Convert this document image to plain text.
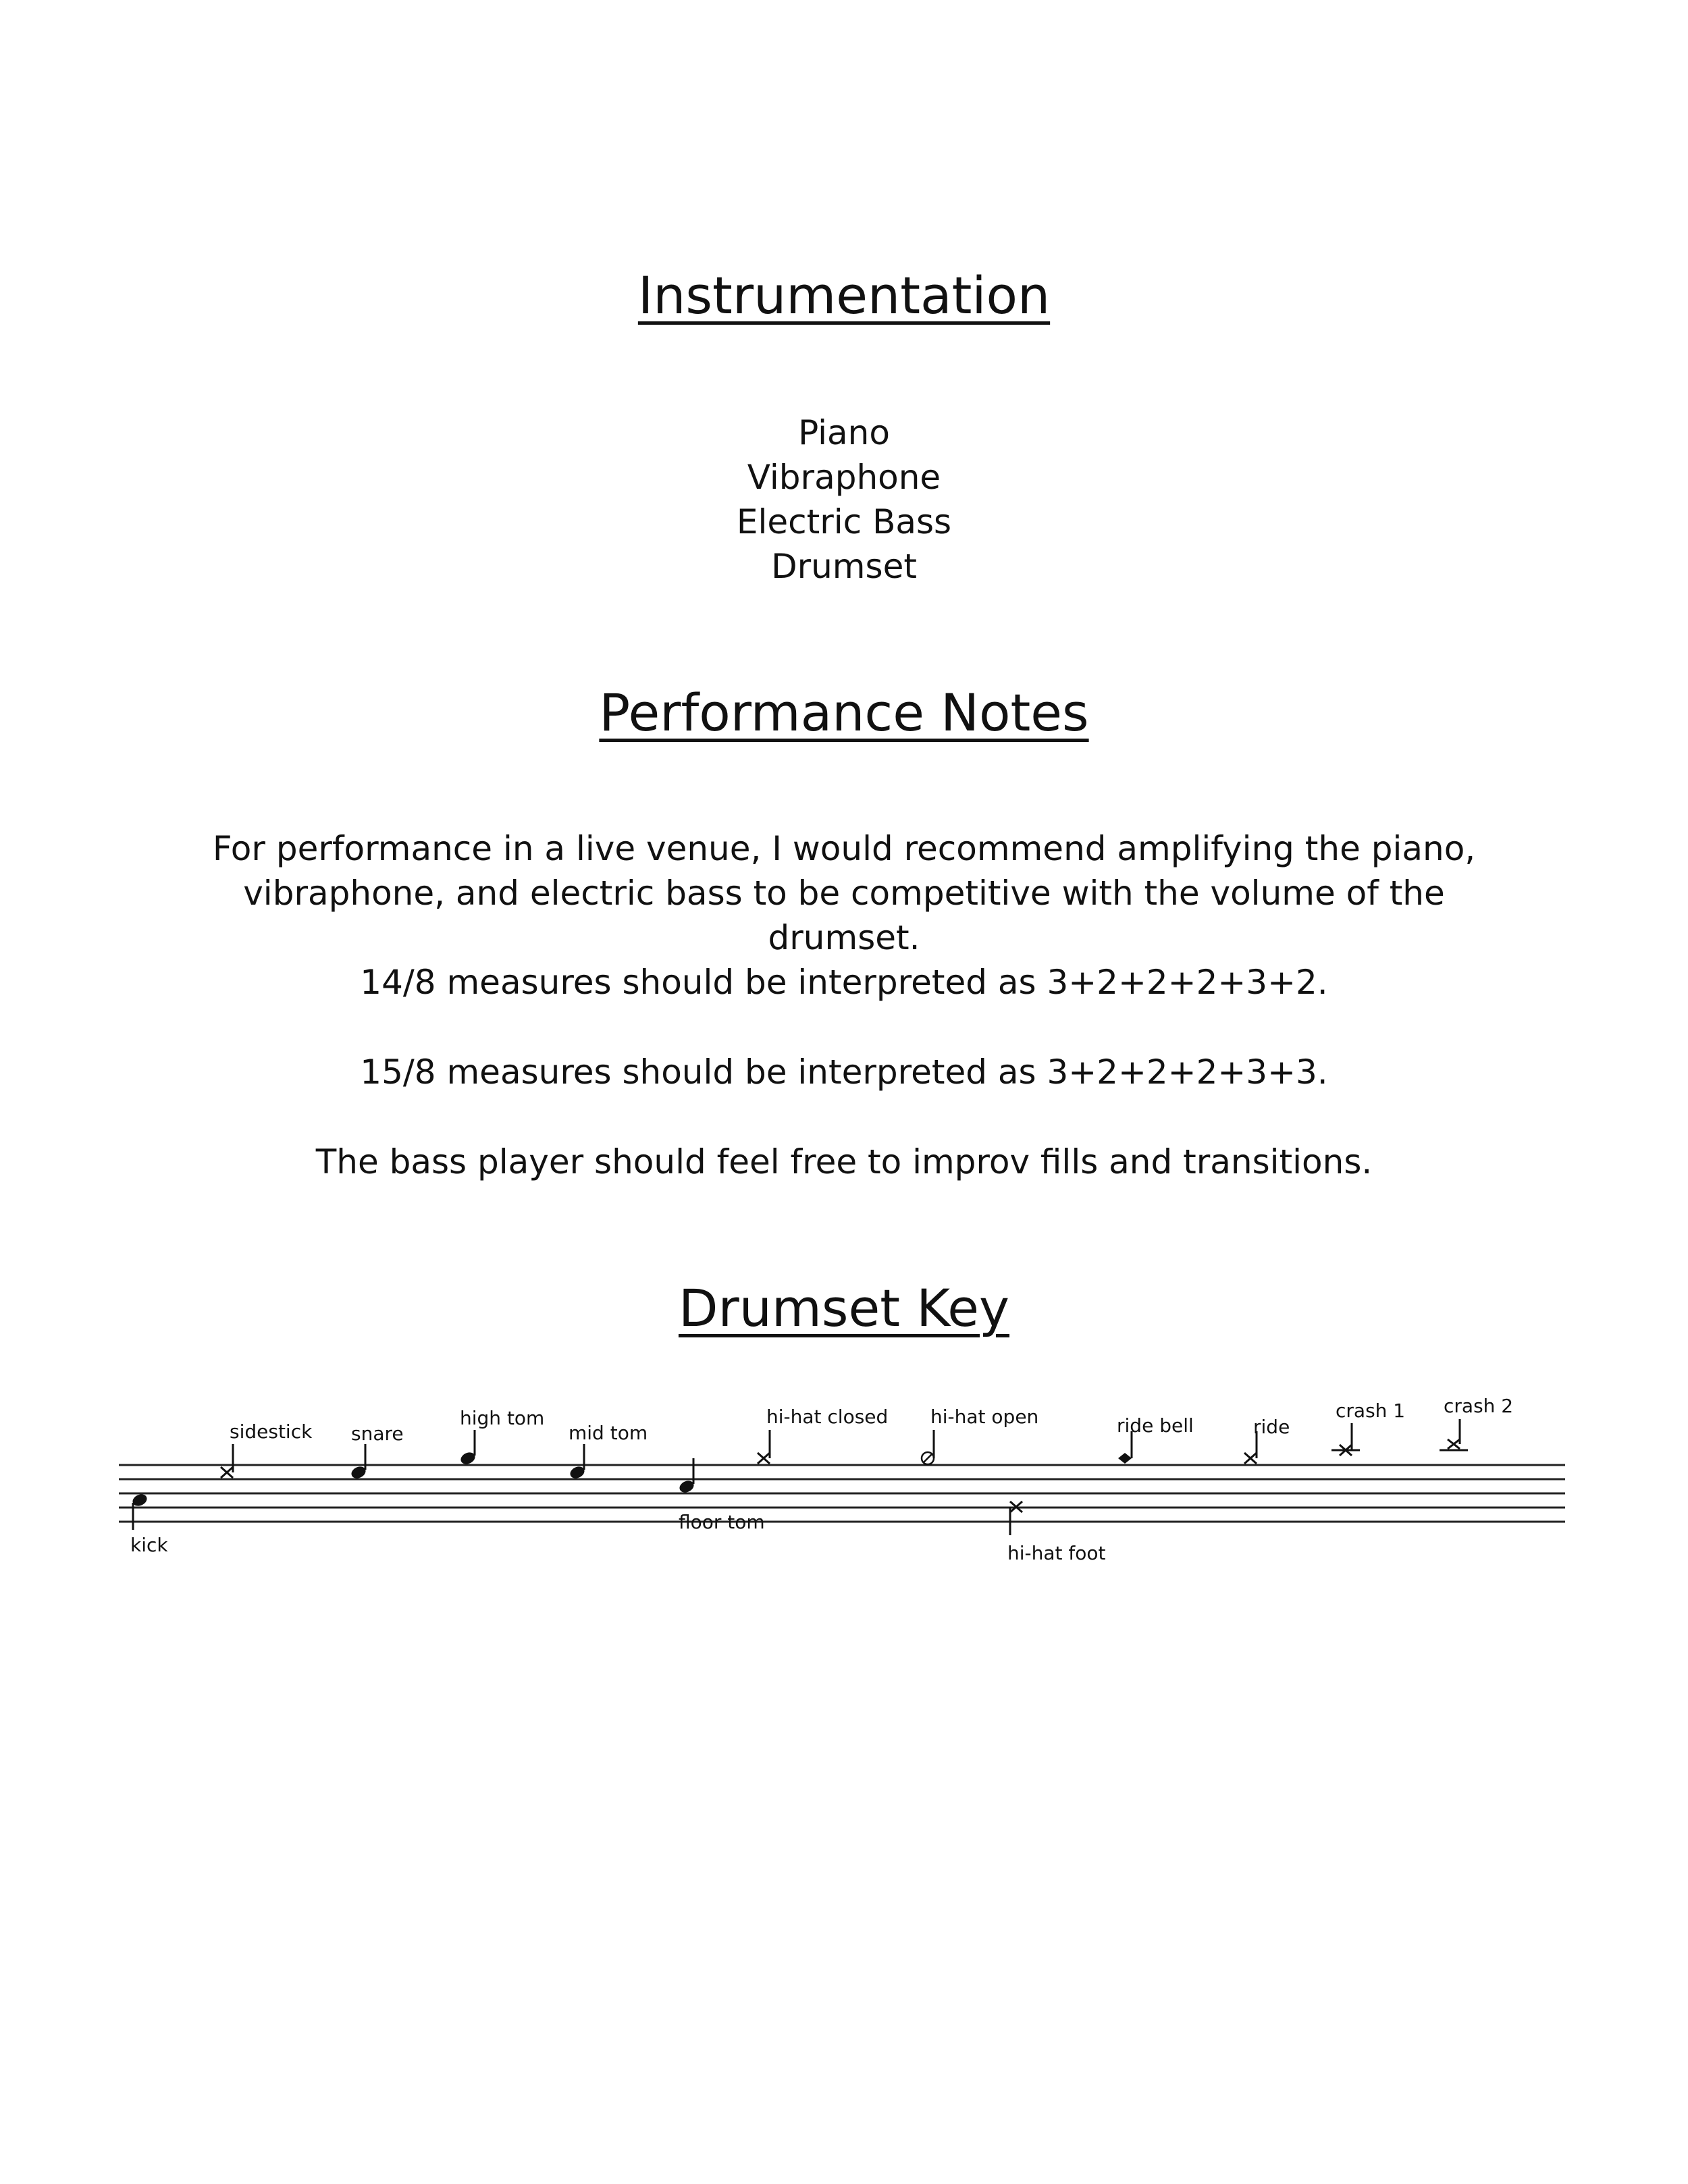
Instrumentation
Piano
Vibraphone
Electric Bass
Drumset
Performance Notes

For performance in a live venue, I would recommend amplifying the piano, vibraphone, and electric bass to be competitive with the volume of the drumset.

14/8 measures should be interpreted as 3+2+2+2+3+2.

15/8 measures should be interpreted as 3+2+2+2+3+3.

The bass player should feel free to improv fills and transitions.

Drumset Key
kick
sidestick snare
high tom
mid tom
floor tom
hi-hat closed hi-hat open
hi-hat foot
ride bell	ride
crash 1 crash 2
